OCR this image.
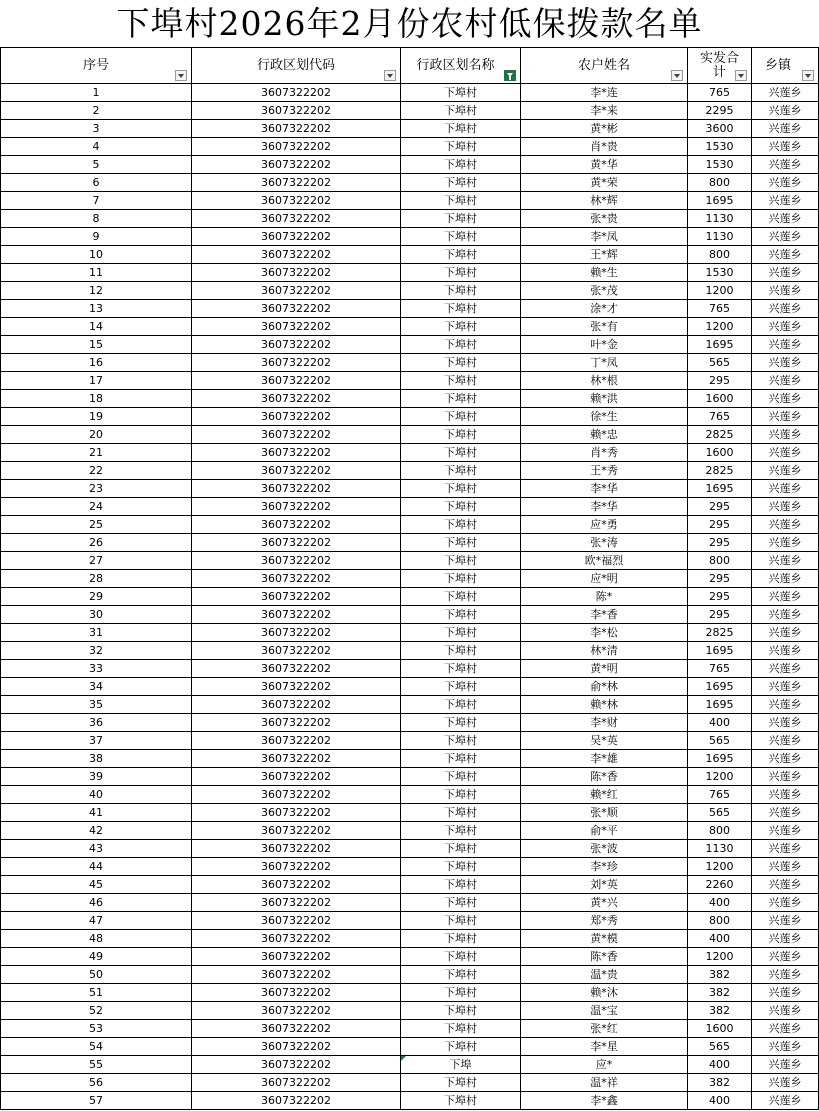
下埠村2026年2月份农村低保拨款名单
序号	行政区划代码	行政区划名称	农户姓名	实发合计	乡镇

1	3607322202	下埠村	李*连	765	兴莲乡
2	3607322202	下埠村	李*来	2295	兴莲乡
3	3607322202	下埠村	黄*彬	3600	兴莲乡
4	3607322202	下埠村	肖*贵	1530	兴莲乡
5	3607322202	下埠村	黄*华	1530	兴莲乡
6	3607322202	下埠村	黄*荣	800	兴莲乡
7	3607322202	下埠村	林*辉	1695	兴莲乡
8	3607322202	下埠村	张*贵	1130	兴莲乡
9	3607322202	下埠村	李*凤	1130	兴莲乡
10	3607322202	下埠村	王*辉	800	兴莲乡
11	3607322202	下埠村	赖*生	1530	兴莲乡
12	3607322202	下埠村	张*茂	1200	兴莲乡
13	3607322202	下埠村	涂*才	765	兴莲乡
14	3607322202	下埠村	张*有	1200	兴莲乡
15	3607322202	下埠村	叶*金	1695	兴莲乡
16	3607322202	下埠村	丁*凤	565	兴莲乡
17	3607322202	下埠村	林*根	295	兴莲乡
18	3607322202	下埠村	赖*洪	1600	兴莲乡
19	3607322202	下埠村	徐*生	765	兴莲乡
20	3607322202	下埠村	赖*忠	2825	兴莲乡
21	3607322202	下埠村	肖*秀	1600	兴莲乡
22	3607322202	下埠村	王*秀	2825	兴莲乡
23	3607322202	下埠村	李*华	1695	兴莲乡
24	3607322202	下埠村	李*华	295	兴莲乡
25	3607322202	下埠村	应*勇	295	兴莲乡
26	3607322202	下埠村	张*涛	295	兴莲乡
27	3607322202	下埠村	欧*福烈	800	兴莲乡
28	3607322202	下埠村	应*明	295	兴莲乡
29	3607322202	下埠村	陈*	295	兴莲乡
30	3607322202	下埠村	李*香	295	兴莲乡
31	3607322202	下埠村	李*松	2825	兴莲乡
32	3607322202	下埠村	林*清	1695	兴莲乡
33	3607322202	下埠村	黄*明	765	兴莲乡
34	3607322202	下埠村	俞*林	1695	兴莲乡
35	3607322202	下埠村	赖*林	1695	兴莲乡
36	3607322202	下埠村	李*财	400	兴莲乡
37	3607322202	下埠村	吴*英	565	兴莲乡
38	3607322202	下埠村	李*雄	1695	兴莲乡
39	3607322202	下埠村	陈*香	1200	兴莲乡
40	3607322202	下埠村	赖*红	765	兴莲乡
41	3607322202	下埠村	张*顺	565	兴莲乡
42	3607322202	下埠村	俞*平	800	兴莲乡
43	3607322202	下埠村	张*波	1130	兴莲乡
44	3607322202	下埠村	李*珍	1200	兴莲乡
45	3607322202	下埠村	刘*英	2260	兴莲乡
46	3607322202	下埠村	黄*兴	400	兴莲乡
47	3607322202	下埠村	郑*秀	800	兴莲乡
48	3607322202	下埠村	黄*模	400	兴莲乡
49	3607322202	下埠村	陈*香	1200	兴莲乡
50	3607322202	下埠村	温*贵	382	兴莲乡
51	3607322202	下埠村	赖*沐	382	兴莲乡
52	3607322202	下埠村	温*宝	382	兴莲乡
53	3607322202	下埠村	张*红	1600	兴莲乡
54	3607322202	下埠村	李*星	565	兴莲乡
55	3607322202	下埠	应*	400	兴莲乡
56	3607322202	下埠村	温*祥	382	兴莲乡
57	3607322202	下埠村	李*鑫	400	兴莲乡
